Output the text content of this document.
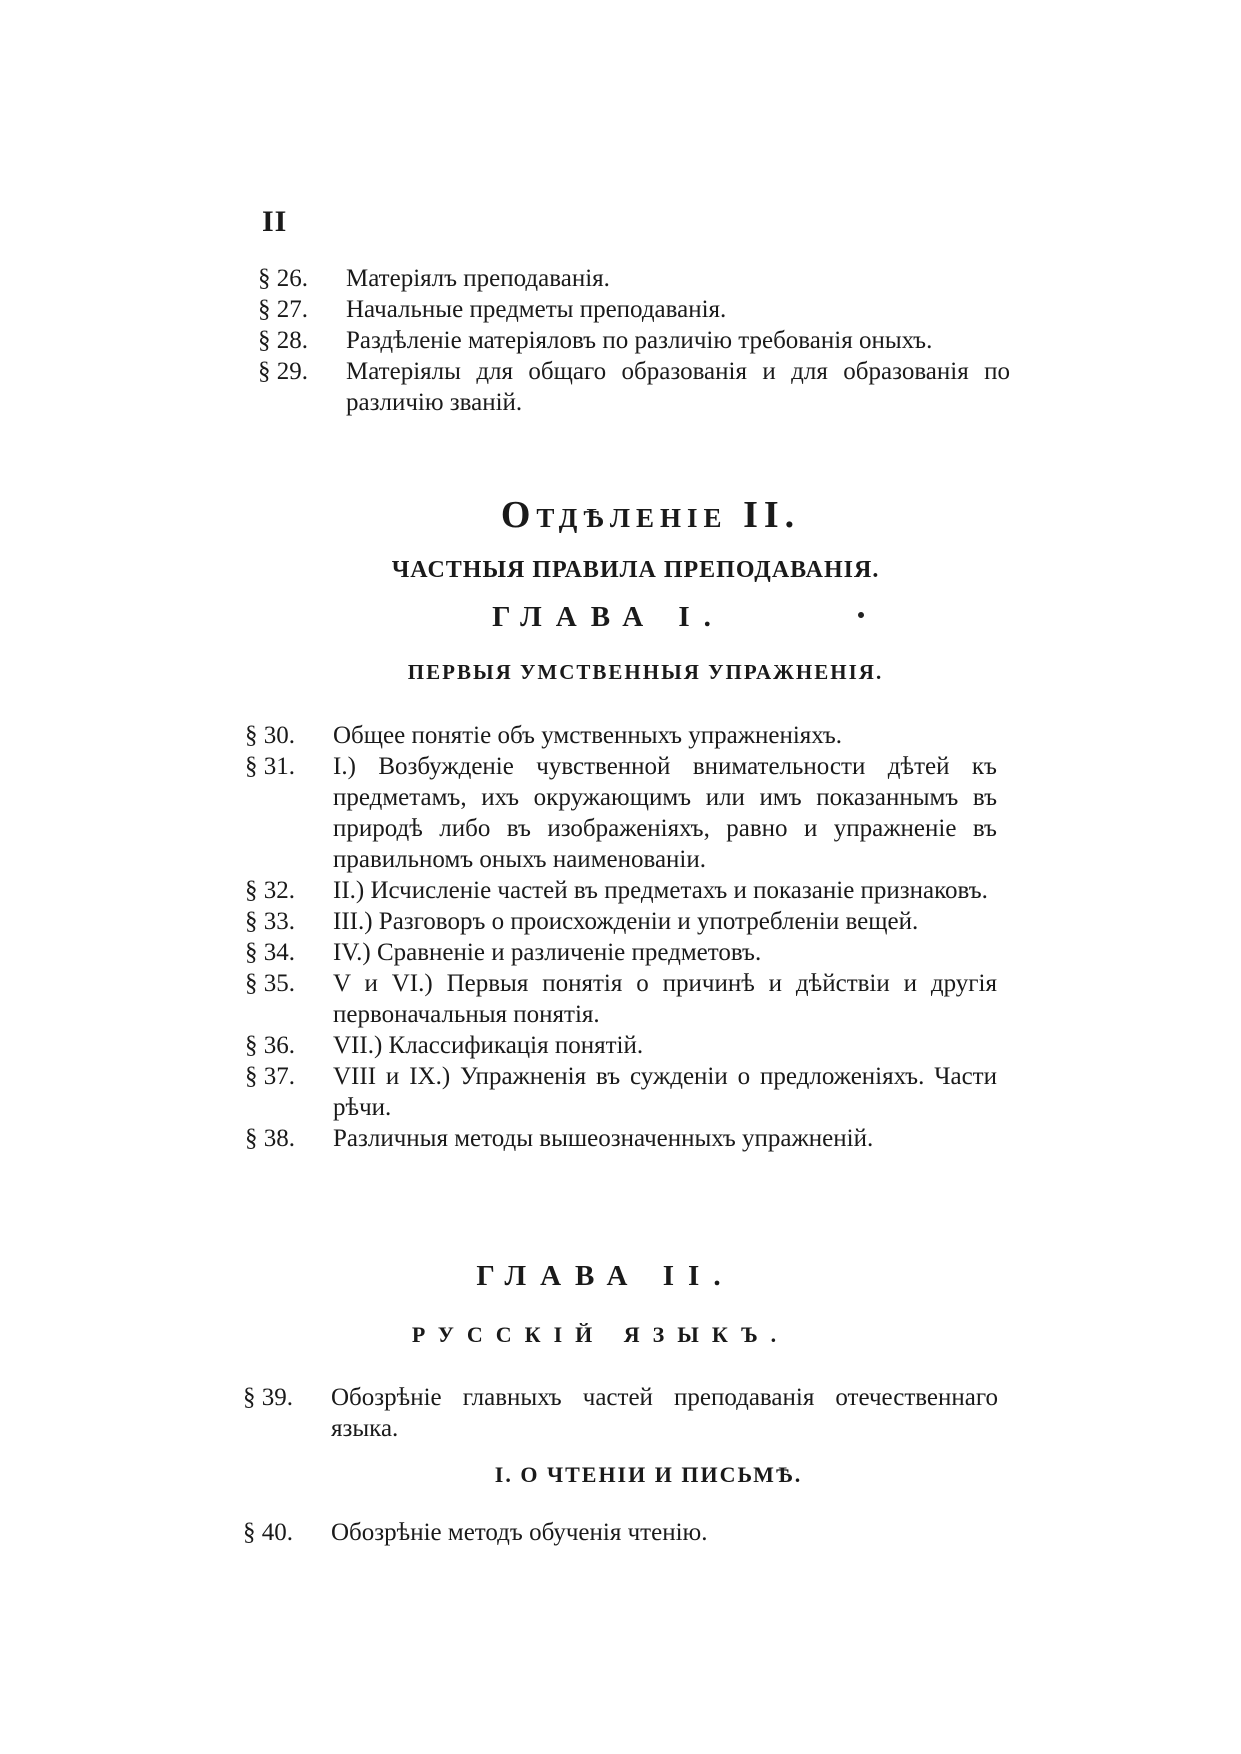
II
§ 26. Матеріялъ преподаванія.
§ 27. Начальные предметы преподаванія.
§ 28. Раздѣленіе матеріяловъ по различію требованія оныхъ.
§ 29. Матеріялы для общаго образованія и для образованія по различію званій.
Отдѣленіе II.
ЧАСТНЫЯ ПРАВИЛА ПРЕПОДАВАНІЯ.
ГЛАВА I.
ПЕРВЫЯ УМСТВЕННЫЯ УПРАЖНЕНІЯ.
§ 30. Общее понятіе объ умственныхъ упражненіяхъ.
§ 31. I.) Возбужденіе чувственной внимательности дѣтей къ предметамъ, ихъ окружающимъ или имъ показаннымъ въ природѣ либо въ изображеніяхъ, равно и упражненіе въ правильномъ оныхъ наименованіи.
§ 32. II.) Исчисленіе частей въ предметахъ и показаніе признаковъ.
§ 33. III.) Разговоръ о происхожденіи и употребленіи вещей.
§ 34. IV.) Сравненіе и различеніе предметовъ.
§ 35. V и VI.) Первыя понятія о причинѣ и дѣйствіи и другія первоначальныя понятія.
§ 36. VII.) Классификація понятій.
§ 37. VIII и IX.) Упражненія въ сужденіи о предложеніяхъ. Части рѣчи.
§ 38. Различныя методы вышеозначенныхъ упражненій.
ГЛАВА II.
РУССКІЙ ЯЗЫКЪ.
§ 39. Обозрѣніе главныхъ частей преподаванія отечественнаго языка.
I. О ЧТЕНІИ И ПИСЬМѢ.
§ 40. Обозрѣніе методъ обученія чтенію.
